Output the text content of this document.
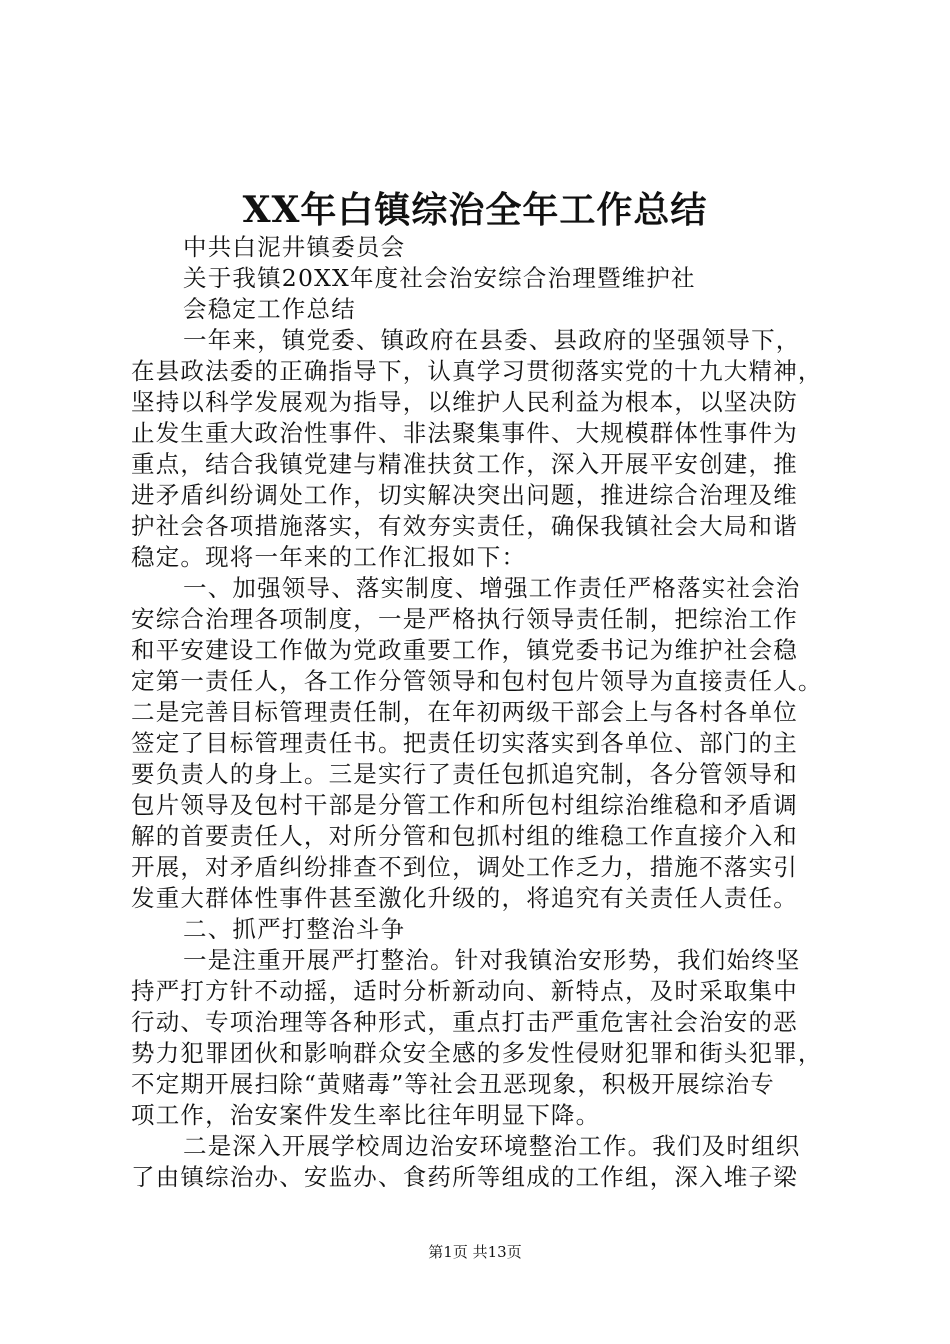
XX年白镇综治全年工作总结
中共白泥井镇委员会
关于我镇20XX年度社会治安综合治理暨维护社
会稳定工作总结
一年来，镇党委、镇政府在县委、县政府的坚强领导下，
在县政法委的正确指导下，认真学习贯彻落实党的十九大精神，
坚持以科学发展观为指导，以维护人民利益为根本，以坚决防
止发生重大政治性事件、非法聚集事件、大规模群体性事件为
重点，结合我镇党建与精准扶贫工作，深入开展平安创建，推
进矛盾纠纷调处工作，切实解决突出问题，推进综合治理及维
护社会各项措施落实，有效夯实责任，确保我镇社会大局和谐
稳定。现将一年来的工作汇报如下：
一、加强领导、落实制度、增强工作责任严格落实社会治
安综合治理各项制度，一是严格执行领导责任制，把综治工作
和平安建设工作做为党政重要工作，镇党委书记为维护社会稳
定第一责任人，各工作分管领导和包村包片领导为直接责任人。
二是完善目标管理责任制，在年初两级干部会上与各村各单位
签定了目标管理责任书。把责任切实落实到各单位、部门的主
要负责人的身上。三是实行了责任包抓追究制，各分管领导和
包片领导及包村干部是分管工作和所包村组综治维稳和矛盾调
解的首要责任人，对所分管和包抓村组的维稳工作直接介入和
开展，对矛盾纠纷排查不到位，调处工作乏力，措施不落实引
发重大群体性事件甚至激化升级的，将追究有关责任人责任。
二、抓严打整治斗争
一是注重开展严打整治。针对我镇治安形势，我们始终坚
持严打方针不动摇，适时分析新动向、新特点，及时采取集中
行动、专项治理等各种形式，重点打击严重危害社会治安的恶
势力犯罪团伙和影响群众安全感的多发性侵财犯罪和街头犯罪，
不定期开展扫除“黄赌毒”等社会丑恶现象，积极开展综治专
项工作，治安案件发生率比往年明显下降。
二是深入开展学校周边治安环境整治工作。我们及时组织
了由镇综治办、安监办、食药所等组成的工作组，深入堆子梁
第1页 共13页
